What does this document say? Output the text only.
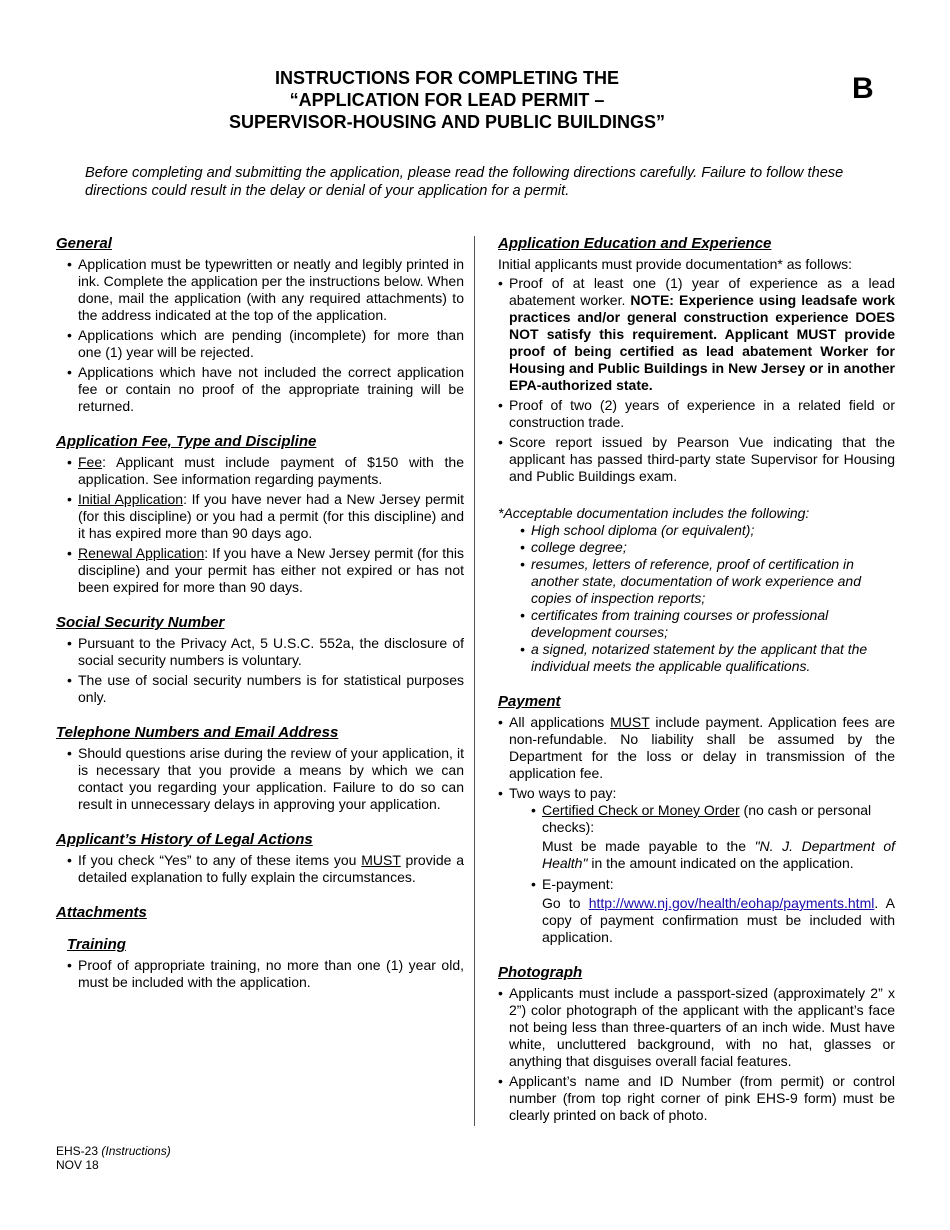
INSTRUCTIONS FOR COMPLETING THE
“APPLICATION FOR LEAD PERMIT –
SUPERVISOR-HOUSING AND PUBLIC BUILDINGS”
B
Before completing and submitting the application, please read the following directions carefully. Failure to follow these directions could result in the delay or denial of your application for a permit.
General
• Application must be typewritten or neatly and legibly printed in ink. Complete the application per the instructions below. When done, mail the application (with any required attachments) to the address indicated at the top of the application.
• Applications which are pending (incomplete) for more than one (1) year will be rejected.
• Applications which have not included the correct application fee or contain no proof of the appropriate training will be returned.
Application Fee, Type and Discipline
• Fee: Applicant must include payment of $150 with the application. See information regarding payments.
• Initial Application: If you have never had a New Jersey permit (for this discipline) or you had a permit (for this discipline) and it has expired more than 90 days ago.
• Renewal Application: If you have a New Jersey permit (for this discipline) and your permit has either not expired or has not been expired for more than 90 days.
Social Security Number
• Pursuant to the Privacy Act, 5 U.S.C. 552a, the disclosure of social security numbers is voluntary.
• The use of social security numbers is for statistical purposes only.
Telephone Numbers and Email Address
• Should questions arise during the review of your application, it is necessary that you provide a means by which we can contact you regarding your application. Failure to do so can result in unnecessary delays in approving your application.
Applicant’s History of Legal Actions
• If you check “Yes” to any of these items you MUST provide a detailed explanation to fully explain the circumstances.
Attachments
Training
• Proof of appropriate training, no more than one (1) year old, must be included with the application.
Application Education and Experience

Initial applicants must provide documentation* as follows:

• Proof of at least one (1) year of experience as a lead abatement worker. NOTE: Experience using leadsafe work practices and/or general construction experience DOES NOT satisfy this requirement. Applicant MUST provide proof of being certified as lead abatement Worker for Housing and Public Buildings in New Jersey or in another EPA-authorized state.
• Proof of two (2) years of experience in a related field or construction trade.
• Score report issued by Pearson Vue indicating that the applicant has passed third-party state Supervisor for Housing and Public Buildings exam.
*Acceptable documentation includes the following:
• High school diploma (or equivalent);
• college degree;
• resumes, letters of reference, proof of certification in another state, documentation of work experience and copies of inspection reports;
• certificates from training courses or professional development courses;
• a signed, notarized statement by the applicant that the individual meets the applicable qualifications.
Payment
• All applications MUST include payment. Application fees are non-refundable. No liability shall be assumed by the Department for the loss or delay in transmission of the application fee.
• Two ways to pay:
• Certified Check or Money Order (no cash or personal checks):
Must be made payable to the "N. J. Department of Health" in the amount indicated on the application.
• E-payment:
Go to http://www.nj.gov/health/eohap/payments.html. A copy of payment confirmation must be included with application.
Photograph
• Applicants must include a passport-sized (approximately 2” x 2”) color photograph of the applicant with the applicant’s face not being less than three-quarters of an inch wide. Must have white, uncluttered background, with no hat, glasses or anything that disguises overall facial features.
• Applicant’s name and ID Number (from permit) or control number (from top right corner of pink EHS-9 form) must be clearly printed on back of photo.
EHS-23 (Instructions)
NOV 18
